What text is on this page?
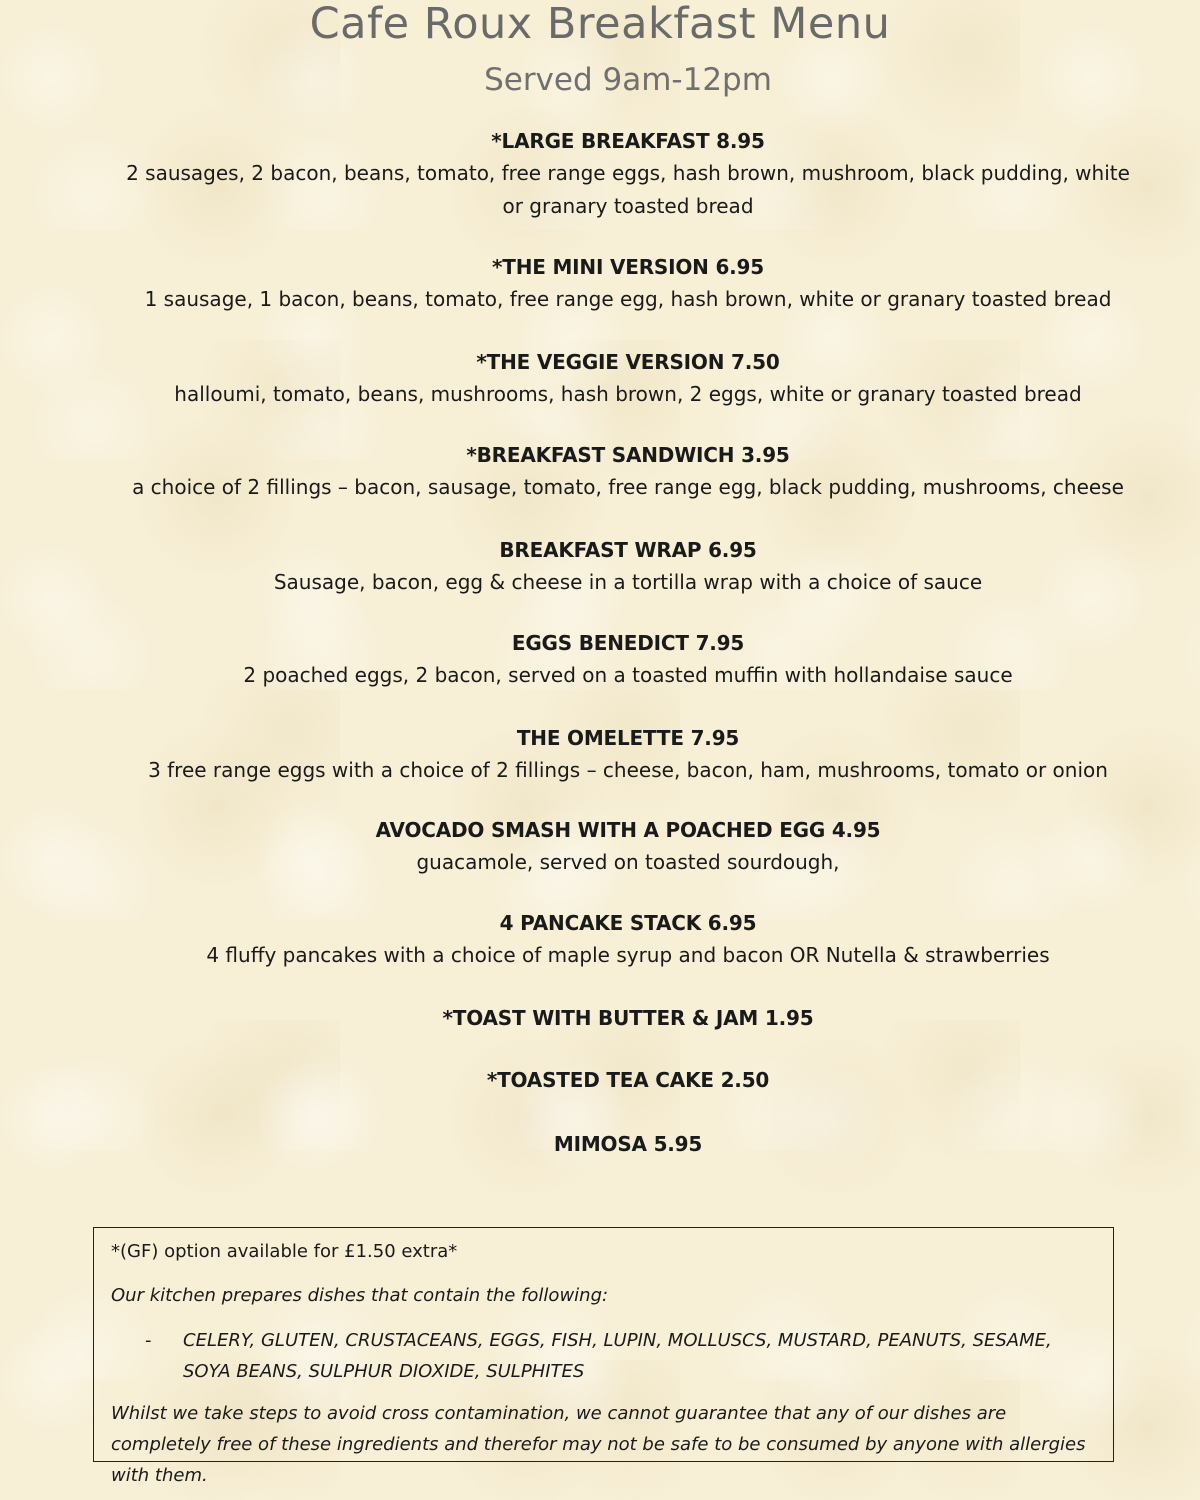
Cafe Roux Breakfast Menu
Served 9am-12pm
*LARGE BREAKFAST 8.95
2 sausages, 2 bacon, beans, tomato, free range eggs, hash brown, mushroom, black pudding, white or granary toasted bread
*THE MINI VERSION 6.95
1 sausage, 1 bacon, beans, tomato, free range egg, hash brown, white or granary toasted bread
*THE VEGGIE VERSION 7.50
halloumi, tomato, beans, mushrooms, hash brown, 2 eggs, white or granary toasted bread
*BREAKFAST SANDWICH 3.95
a choice of 2 fillings – bacon, sausage, tomato, free range egg, black pudding, mushrooms, cheese
BREAKFAST WRAP 6.95
Sausage, bacon, egg & cheese in a tortilla wrap with a choice of sauce
EGGS BENEDICT 7.95
2 poached eggs, 2 bacon, served on a toasted muffin with hollandaise sauce
THE OMELETTE 7.95
3 free range eggs with a choice of 2 fillings – cheese, bacon, ham, mushrooms, tomato or onion
AVOCADO SMASH WITH A POACHED EGG 4.95
guacamole, served on toasted sourdough,
4 PANCAKE STACK 6.95
4 fluffy pancakes with a choice of maple syrup and bacon OR Nutella & strawberries
*TOAST WITH BUTTER & JAM 1.95
*TOASTED TEA CAKE 2.50
MIMOSA 5.95
*(GF) option available for £1.50 extra*
Our kitchen prepares dishes that contain the following:
- CELERY, GLUTEN, CRUSTACEANS, EGGS, FISH, LUPIN, MOLLUSCS, MUSTARD, PEANUTS, SESAME, SOYA BEANS, SULPHUR DIOXIDE, SULPHITES
Whilst we take steps to avoid cross contamination, we cannot guarantee that any of our dishes are completely free of these ingredients and therefor may not be safe to be consumed by anyone with allergies with them.
